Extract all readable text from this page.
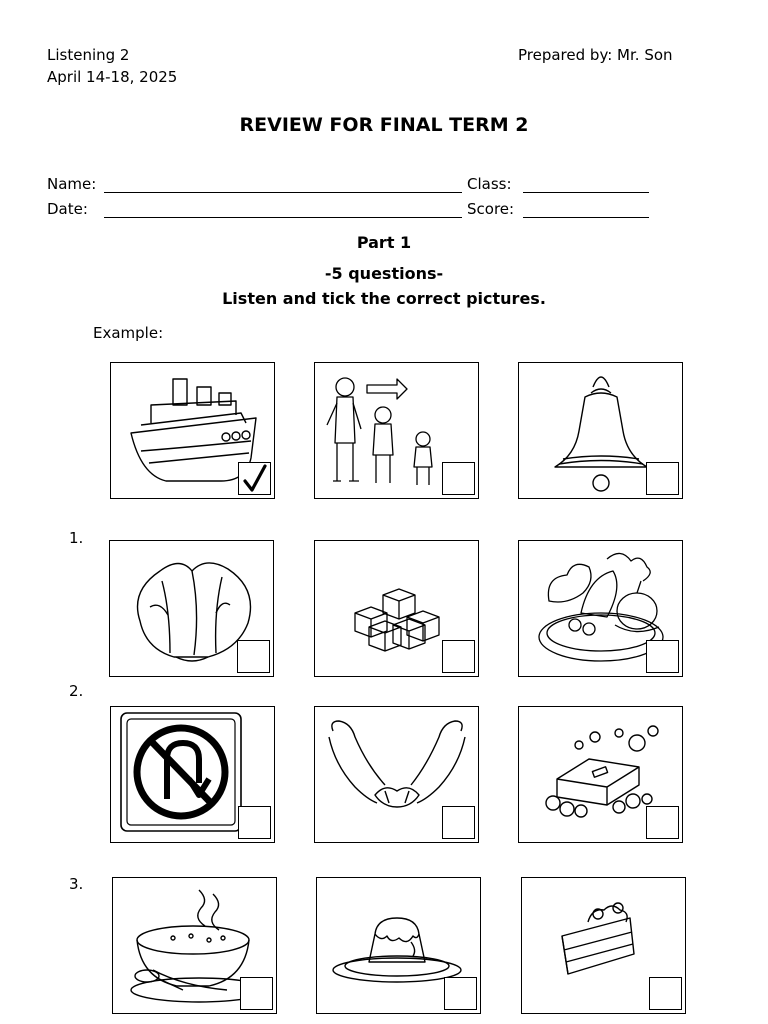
Listening 2
April 14-18, 2025
Prepared by: Mr. Son
REVIEW FOR FINAL TERM 2
Name:	Class:
Date:	Score:
Part 1
-5 questions-
Listen and tick the correct pictures.
Example:
1.
2.
3.
